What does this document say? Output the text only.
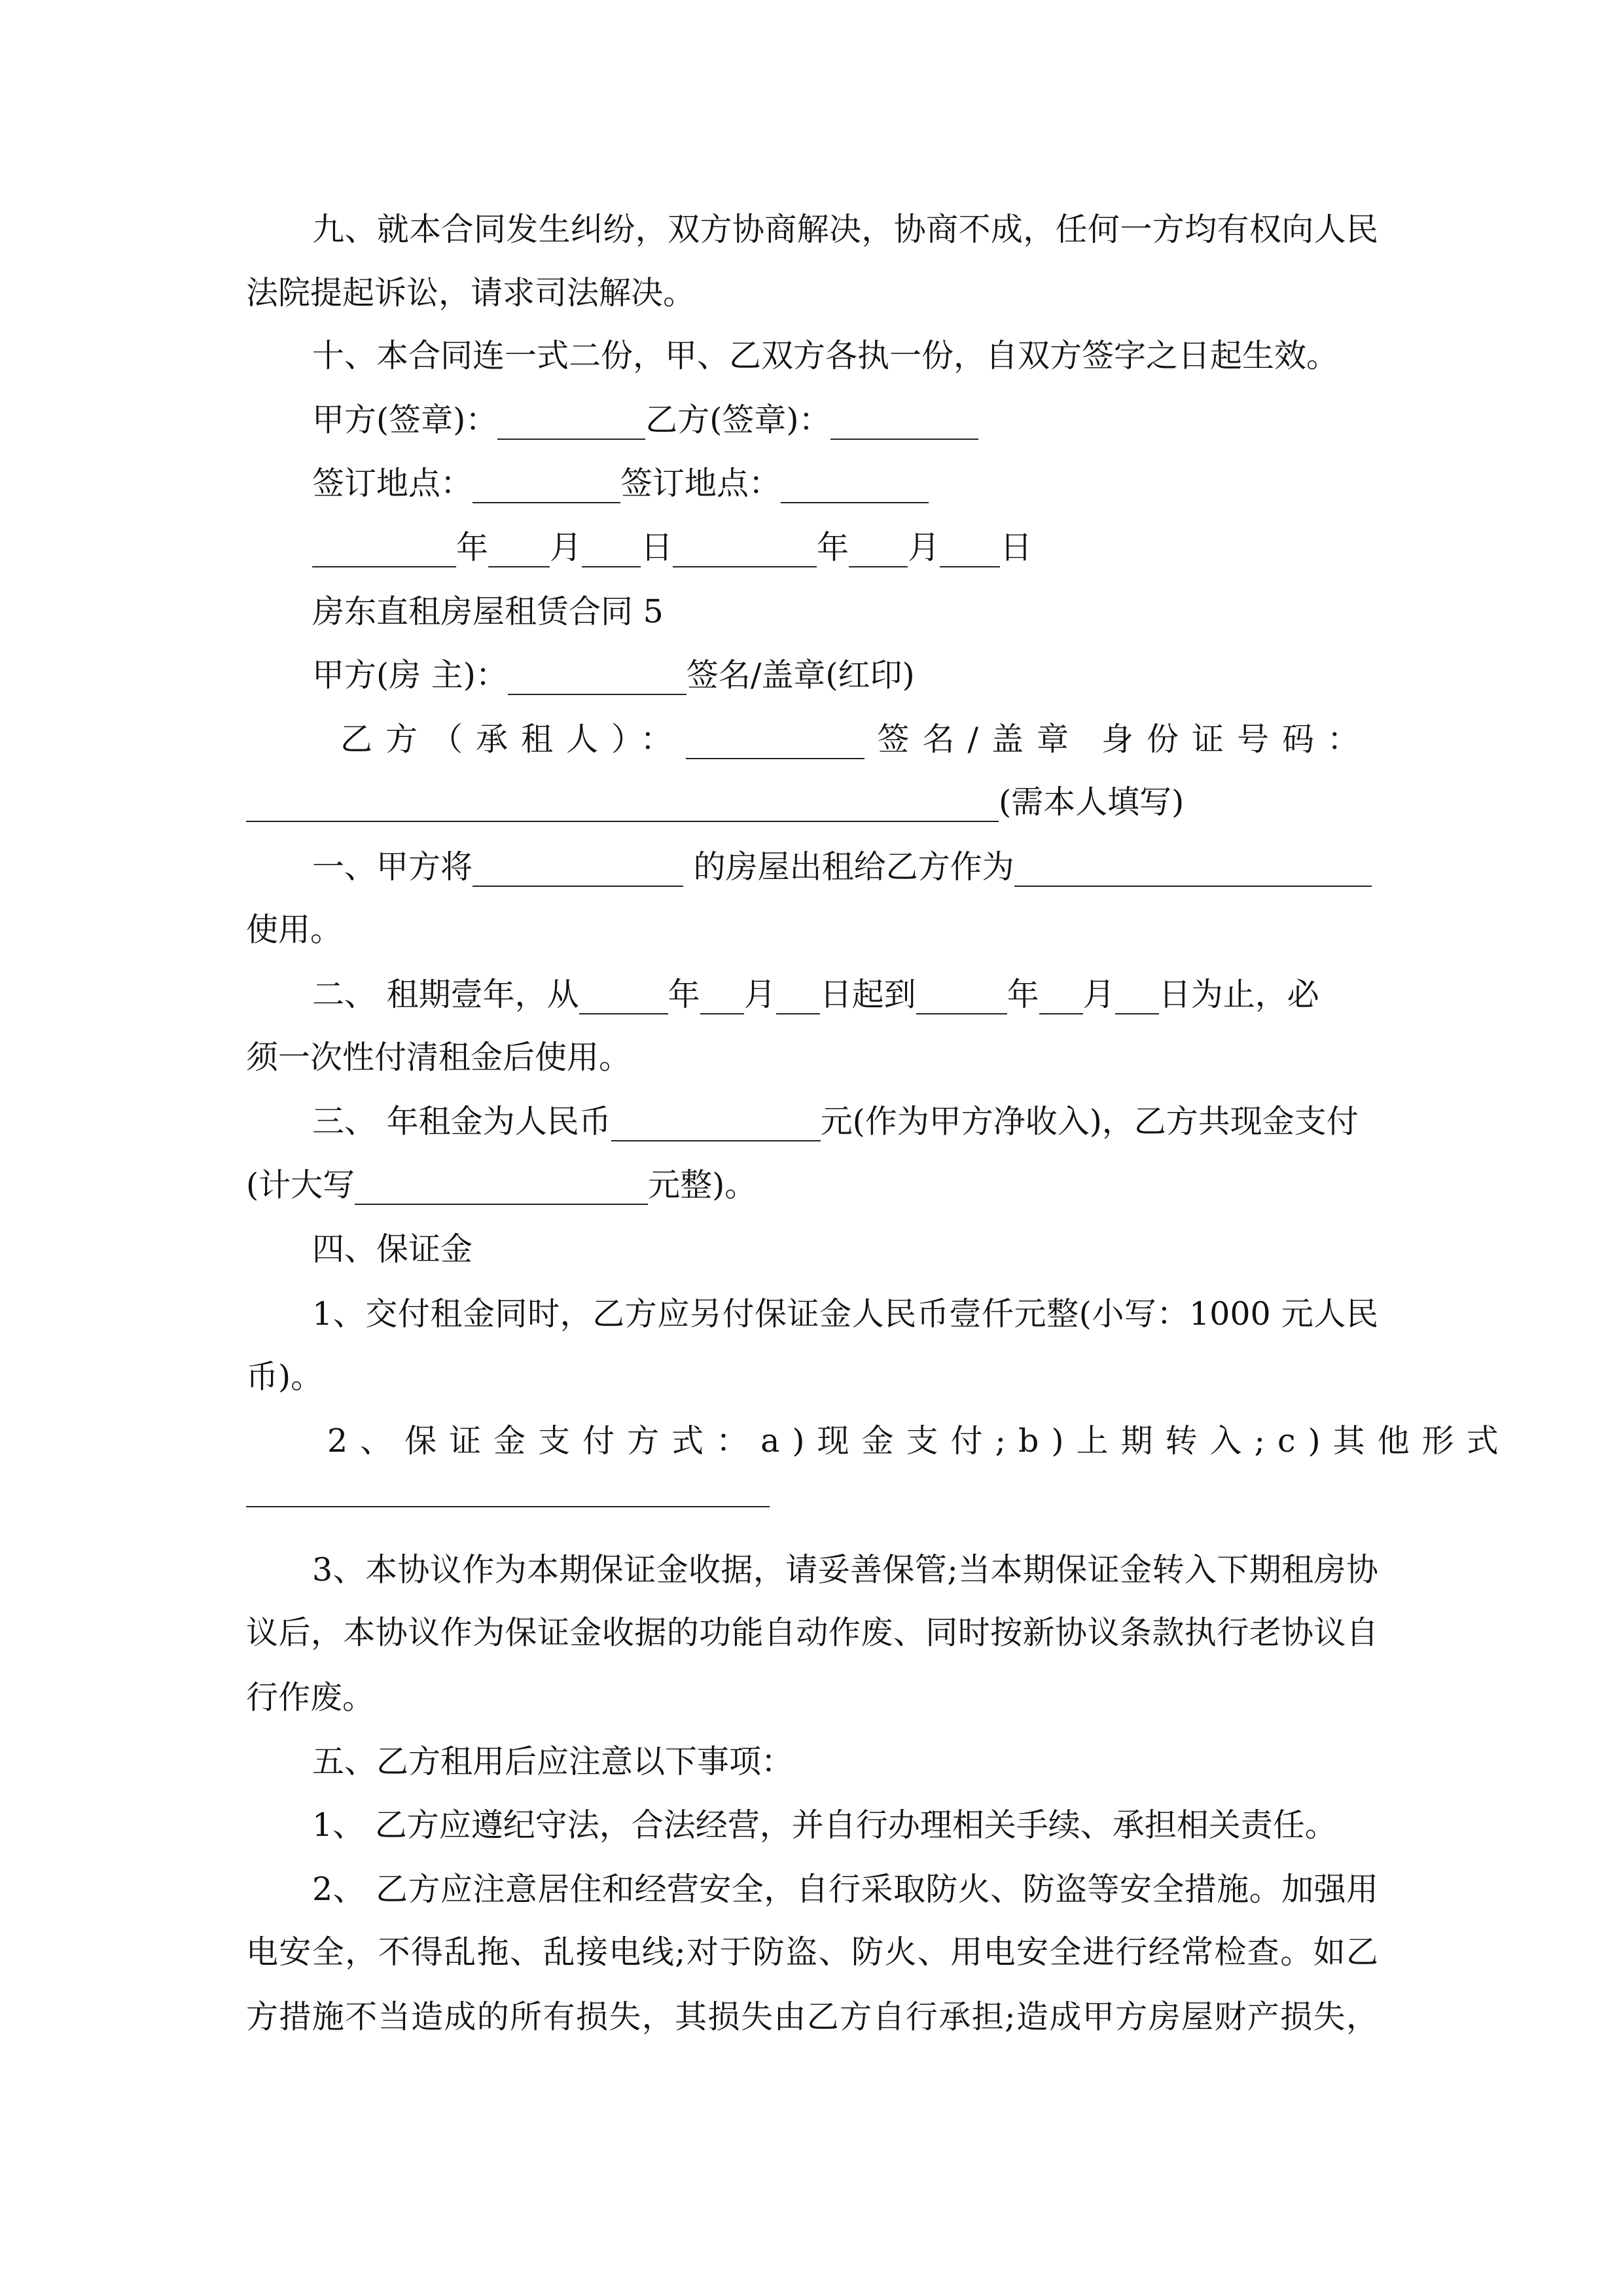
九、就本合同发生纠纷，双方协商解决，协商不成，任何一方均有权向人民
法院提起诉讼，请求司法解决。
十、本合同连一式二份，甲、乙双方各执一份，自双方签字之日起生效。
甲方(签章)：	乙方(签章)：
签订地点：	签订地点：
年 月 日	年 月 日
房东直租房屋租赁合同 5
甲方(房 主)：	签名/盖章(红印)
乙方（承租人）：	签名/盖章 身份证号码：
(需本人填写)
一、甲方将	的房屋出租给乙方作为
使用。
二、 租期壹年，从	年 月 日起到	年 月 日为止，必
须一次性付清租金后使用。
三、 年租金为人民币	元(作为甲方净收入)，乙方共现金支付
(计大写	元整)。
四、保证金
1、交付租金同时，乙方应另付保证金人民币壹仟元整(小写：1000 元人民
币)。
2、保证金支付方式：a)现金支付;b)上期转入;c)其他形式
3、本协议作为本期保证金收据，请妥善保管;当本期保证金转入下期租房协
议后，本协议作为保证金收据的功能自动作废、同时按新协议条款执行老协议自
行作废。
五、乙方租用后应注意以下事项：
1、 乙方应遵纪守法，合法经营，并自行办理相关手续、承担相关责任。
2、 乙方应注意居住和经营安全，自行采取防火、防盗等安全措施。加强用
电安全，不得乱拖、乱接电线;对于防盗、防火、用电安全进行经常检查。如乙
方措施不当造成的所有损失，其损失由乙方自行承担;造成甲方房屋财产损失，
